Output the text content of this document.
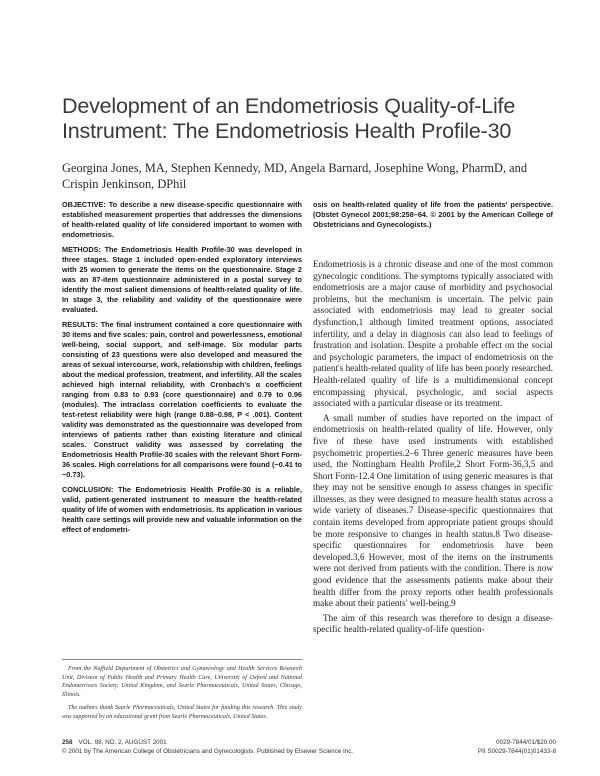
Development of an Endometriosis Quality-of-Life
Instrument: The Endometriosis Health Profile-30
Georgina Jones, MA, Stephen Kennedy, MD, Angela Barnard, Josephine Wong, PharmD, and
Crispin Jenkinson, DPhil

OBJECTIVE: To describe a new disease-specific questionnaire with established measurement properties that addresses the dimensions of health-related quality of life considered important to women with endometriosis.

METHODS: The Endometriosis Health Profile-30 was developed in three stages. Stage 1 included open-ended exploratory interviews with 25 women to generate the items on the questionnaire. Stage 2 was an 87-item questionnaire administered in a postal survey to identify the most salient dimensions of health-related quality of life. In stage 3, the reliability and validity of the questionnaire were evaluated.

RESULTS: The final instrument contained a core questionnaire with 30 items and five scales: pain, control and powerlessness, emotional well-being, social support, and self-image. Six modular parts consisting of 23 questions were also developed and measured the areas of sexual intercourse, work, relationship with children, feelings about the medical profession, treatment, and infertility. All the scales achieved high internal reliability, with Cronbach's α coefficient ranging from 0.83 to 0.93 (core questionnaire) and 0.79 to 0.96 (modules). The intraclass correlation coefficients to evaluate the test-retest reliability were high (range 0.88–0.98, P < .001). Content validity was demonstrated as the questionnaire was developed from interviews of patients rather than existing literature and clinical scales. Construct validity was assessed by correlating the Endometriosis Health Profile-30 scales with the relevant Short Form-36 scales. High correlations for all comparisons were found (−0.41 to −0.73).

CONCLUSION: The Endometriosis Health Profile-30 is a reliable, valid, patient-generated instrument to measure the health-related quality of life of women with endometriosis. Its application in various health care settings will provide new and valuable information on the effect of endometri-

osis on health-related quality of life from the patients' perspective. (Obstet Gynecol 2001;98:258–64. © 2001 by the American College of Obstetricians and Gynecologists.)

Endometriosis is a chronic disease and one of the most common gynecologic conditions. The symptoms typically associated with endometriosis are a major cause of morbidity and psychosocial problems, but the mechanism is uncertain. The pelvic pain associated with endometriosis may lead to greater social dysfunction,1 although limited treatment options, associated infertility, and a delay in diagnosis can also lead to feelings of frustration and isolation. Despite a probable effect on the social and psychologic parameters, the impact of endometriosis on the patient's health-related quality of life has been poorly researched. Health-related quality of life is a multidimensional concept encompassing physical, psychologic, and social aspects associated with a particular disease or its treatment.

A small number of studies have reported on the impact of endometriosis on health-related quality of life. However, only five of these have used instruments with established psychometric properties.2–6 Three generic measures have been used, the Nottingham Health Profile,2 Short Form-36,3,5 and Short Form-12.4 One limitation of using generic measures is that they may not be sensitive enough to assess changes in specific illnesses, as they were designed to measure health status across a wide variety of diseases.7 Disease-specific questionnaires that contain items developed from appropriate patient groups should be more responsive to changes in health status.8 Two disease-specific questionnaires for endometriosis have been developed.3,6 However, most of the items on the instruments were not derived from patients with the condition. There is now good evidence that the assessments patients make about their health differ from the proxy reports other health professionals make about their patients' well-being.9

The aim of this research was therefore to design a disease-specific health-related quality-of-life question-

From the Nuffield Department of Obstetrics and Gynaecology and Health Services Research Unit, Division of Public Health and Primary Health Care, University of Oxford and National Endometriosis Society, United Kingdom, and Searle Pharmaceuticals, United States, Chicago, Illinois.

The authors thank Searle Pharmaceuticals, United States for funding this research. This study was supported by an educational grant from Searle Pharmaceuticals, United States.

258 VOL. 98, NO. 2, AUGUST 2001	0029-7844/01/$20.00
© 2001 by The American College of Obstetricians and Gynecologists. Published by Elsevier Science Inc.	PII S0029-7844(01)01433-8
